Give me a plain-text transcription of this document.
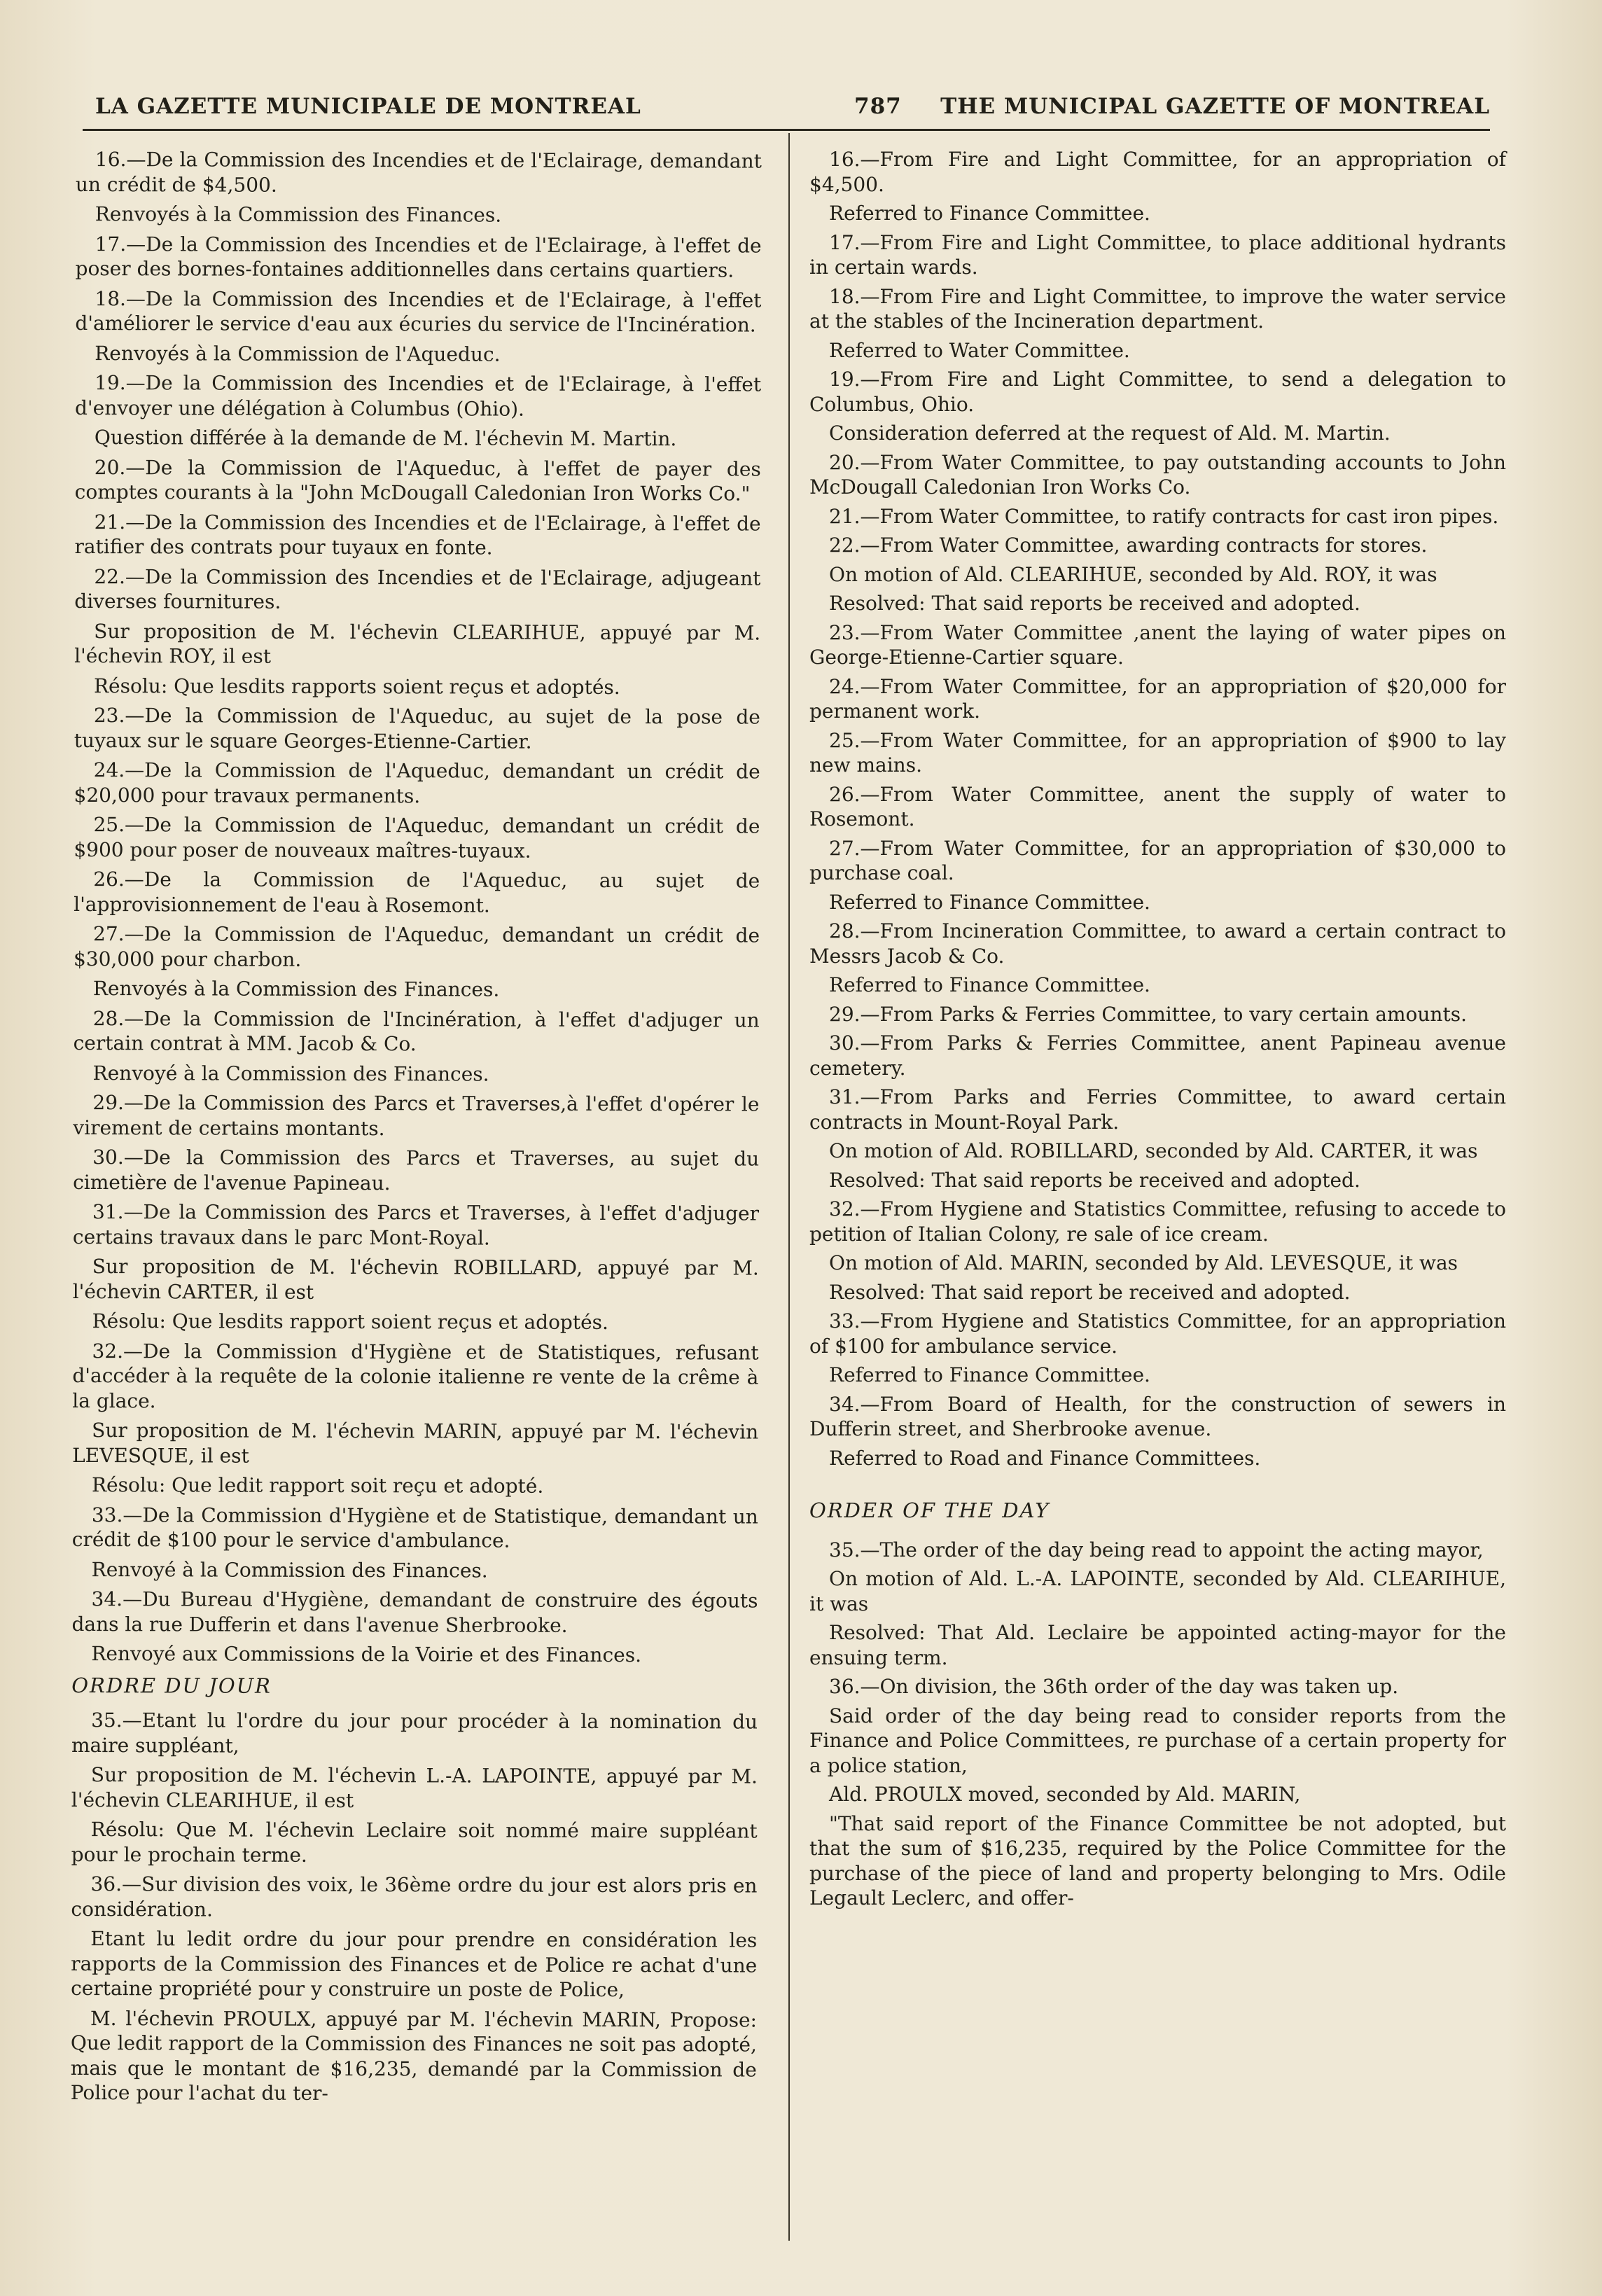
LA GAZETTE MUNICIPALE DE MONTREAL	787 THE MUNICIPAL GAZETTE OF MONTREAL

16.—De la Commission des Incendies et de l'Eclairage, demandant un crédit de $4,500.

Renvoyés à la Commission des Finances.

17.—De la Commission des Incendies et de l'Eclairage, à l'effet de poser des bornes-fontaines additionnelles dans certains quartiers.

18.—De la Commission des Incendies et de l'Eclairage, à l'effet d'améliorer le service d'eau aux écuries du service de l'Incinération.

Renvoyés à la Commission de l'Aqueduc.

19.—De la Commission des Incendies et de l'Eclairage, à l'effet d'envoyer une délégation à Columbus (Ohio).

Question différée à la demande de M. l'échevin M. Martin.

20.—De la Commission de l'Aqueduc, à l'effet de payer des comptes courants à la "John McDougall Caledonian Iron Works Co."

21.—De la Commission des Incendies et de l'Eclairage, à l'effet de ratifier des contrats pour tuyaux en fonte.

22.—De la Commission des Incendies et de l'Eclairage, adjugeant diverses fournitures.

Sur proposition de M. l'échevin CLEARIHUE, appuyé par M. l'échevin ROY, il est

Résolu: Que lesdits rapports soient reçus et adoptés.

23.—De la Commission de l'Aqueduc, au sujet de la pose de tuyaux sur le square Georges-Etienne-Cartier.

24.—De la Commission de l'Aqueduc, demandant un crédit de $20,000 pour travaux permanents.

25.—De la Commission de l'Aqueduc, demandant un crédit de $900 pour poser de nouveaux maîtres-tuyaux.

26.—De la Commission de l'Aqueduc, au sujet de l'approvisionnement de l'eau à Rosemont.

27.—De la Commission de l'Aqueduc, demandant un crédit de $30,000 pour charbon.

Renvoyés à la Commission des Finances.

28.—De la Commission de l'Incinération, à l'effet d'adjuger un certain contrat à MM. Jacob & Co.

Renvoyé à la Commission des Finances.

29.—De la Commission des Parcs et Traverses,à l'effet d'opérer le virement de certains montants.

30.—De la Commission des Parcs et Traverses, au sujet du cimetière de l'avenue Papineau.

31.—De la Commission des Parcs et Traverses, à l'effet d'adjuger certains travaux dans le parc Mont-Royal.

Sur proposition de M. l'échevin ROBILLARD, appuyé par M. l'échevin CARTER, il est

Résolu: Que lesdits rapport soient reçus et adoptés.

32.—De la Commission d'Hygiène et de Statistiques, refusant d'accéder à la requête de la colonie italienne re vente de la crême à la glace.

Sur proposition de M. l'échevin MARIN, appuyé par M. l'échevin LEVESQUE, il est

Résolu: Que ledit rapport soit reçu et adopté.

33.—De la Commission d'Hygiène et de Statistique, demandant un crédit de $100 pour le service d'ambulance.

Renvoyé à la Commission des Finances.

34.—Du Bureau d'Hygiène, demandant de construire des égouts dans la rue Dufferin et dans l'avenue Sherbrooke.

Renvoyé aux Commissions de la Voirie et des Finances.

ORDRE DU JOUR

35.—Etant lu l'ordre du jour pour procéder à la nomination du maire suppléant,

Sur proposition de M. l'échevin L.-A. LAPOINTE, appuyé par M. l'échevin CLEARIHUE, il est

Résolu: Que M. l'échevin Leclaire soit nommé maire suppléant pour le prochain terme.

36.—Sur division des voix, le 36ème ordre du jour est alors pris en considération.

Etant lu ledit ordre du jour pour prendre en considération les rapports de la Commission des Finances et de Police re achat d'une certaine propriété pour y construire un poste de Police,

M. l'échevin PROULX, appuyé par M. l'échevin MARIN, Propose: Que ledit rapport de la Commission des Finances ne soit pas adopté, mais que le montant de $16,235, demandé par la Commission de Police pour l'achat du ter-

16.—From Fire and Light Committee, for an appropriation of $4,500.

Referred to Finance Committee.

17.—From Fire and Light Committee, to place additional hydrants in certain wards.

18.—From Fire and Light Committee, to improve the water service at the stables of the Incineration department.

Referred to Water Committee.

19.—From Fire and Light Committee, to send a delegation to Columbus, Ohio.

Consideration deferred at the request of Ald. M. Martin.

20.—From Water Committee, to pay outstanding accounts to John McDougall Caledonian Iron Works Co.

21.—From Water Committee, to ratify contracts for cast iron pipes.

22.—From Water Committee, awarding contracts for stores.

On motion of Ald. CLEARIHUE, seconded by Ald. ROY, it was

Resolved: That said reports be received and adopted.

23.—From Water Committee ,anent the laying of water pipes on George-Etienne-Cartier square.

24.—From Water Committee, for an appropriation of $20,000 for permanent work.

25.—From Water Committee, for an appropriation of $900 to lay new mains.

26.—From Water Committee, anent the supply of water to Rosemont.

27.—From Water Committee, for an appropriation of $30,000 to purchase coal.

Referred to Finance Committee.

28.—From Incineration Committee, to award a certain contract to Messrs Jacob & Co.

Referred to Finance Committee.

29.—From Parks & Ferries Committee, to vary certain amounts.

30.—From Parks & Ferries Committee, anent Papineau avenue cemetery.

31.—From Parks and Ferries Committee, to award certain contracts in Mount-Royal Park.

On motion of Ald. ROBILLARD, seconded by Ald. CARTER, it was

Resolved: That said reports be received and adopted.

32.—From Hygiene and Statistics Committee, refusing to accede to petition of Italian Colony, re sale of ice cream.

On motion of Ald. MARIN, seconded by Ald. LEVESQUE, it was

Resolved: That said report be received and adopted.

33.—From Hygiene and Statistics Committee, for an appropriation of $100 for ambulance service.

Referred to Finance Committee.

34.—From Board of Health, for the construction of sewers in Dufferin street, and Sherbrooke avenue.

Referred to Road and Finance Committees.

ORDER OF THE DAY

35.—The order of the day being read to appoint the acting mayor,

On motion of Ald. L.-A. LAPOINTE, seconded by Ald. CLEARIHUE, it was

Resolved: That Ald. Leclaire be appointed acting-mayor for the ensuing term.

36.—On division, the 36th order of the day was taken up.

Said order of the day being read to consider reports from the Finance and Police Committees, re purchase of a certain property for a police station,

Ald. PROULX moved, seconded by Ald. MARIN,

"That said report of the Finance Committee be not adopted, but that the sum of $16,235, required by the Police Committee for the purchase of the piece of land and property belonging to Mrs. Odile Legault Leclerc, and offer-
